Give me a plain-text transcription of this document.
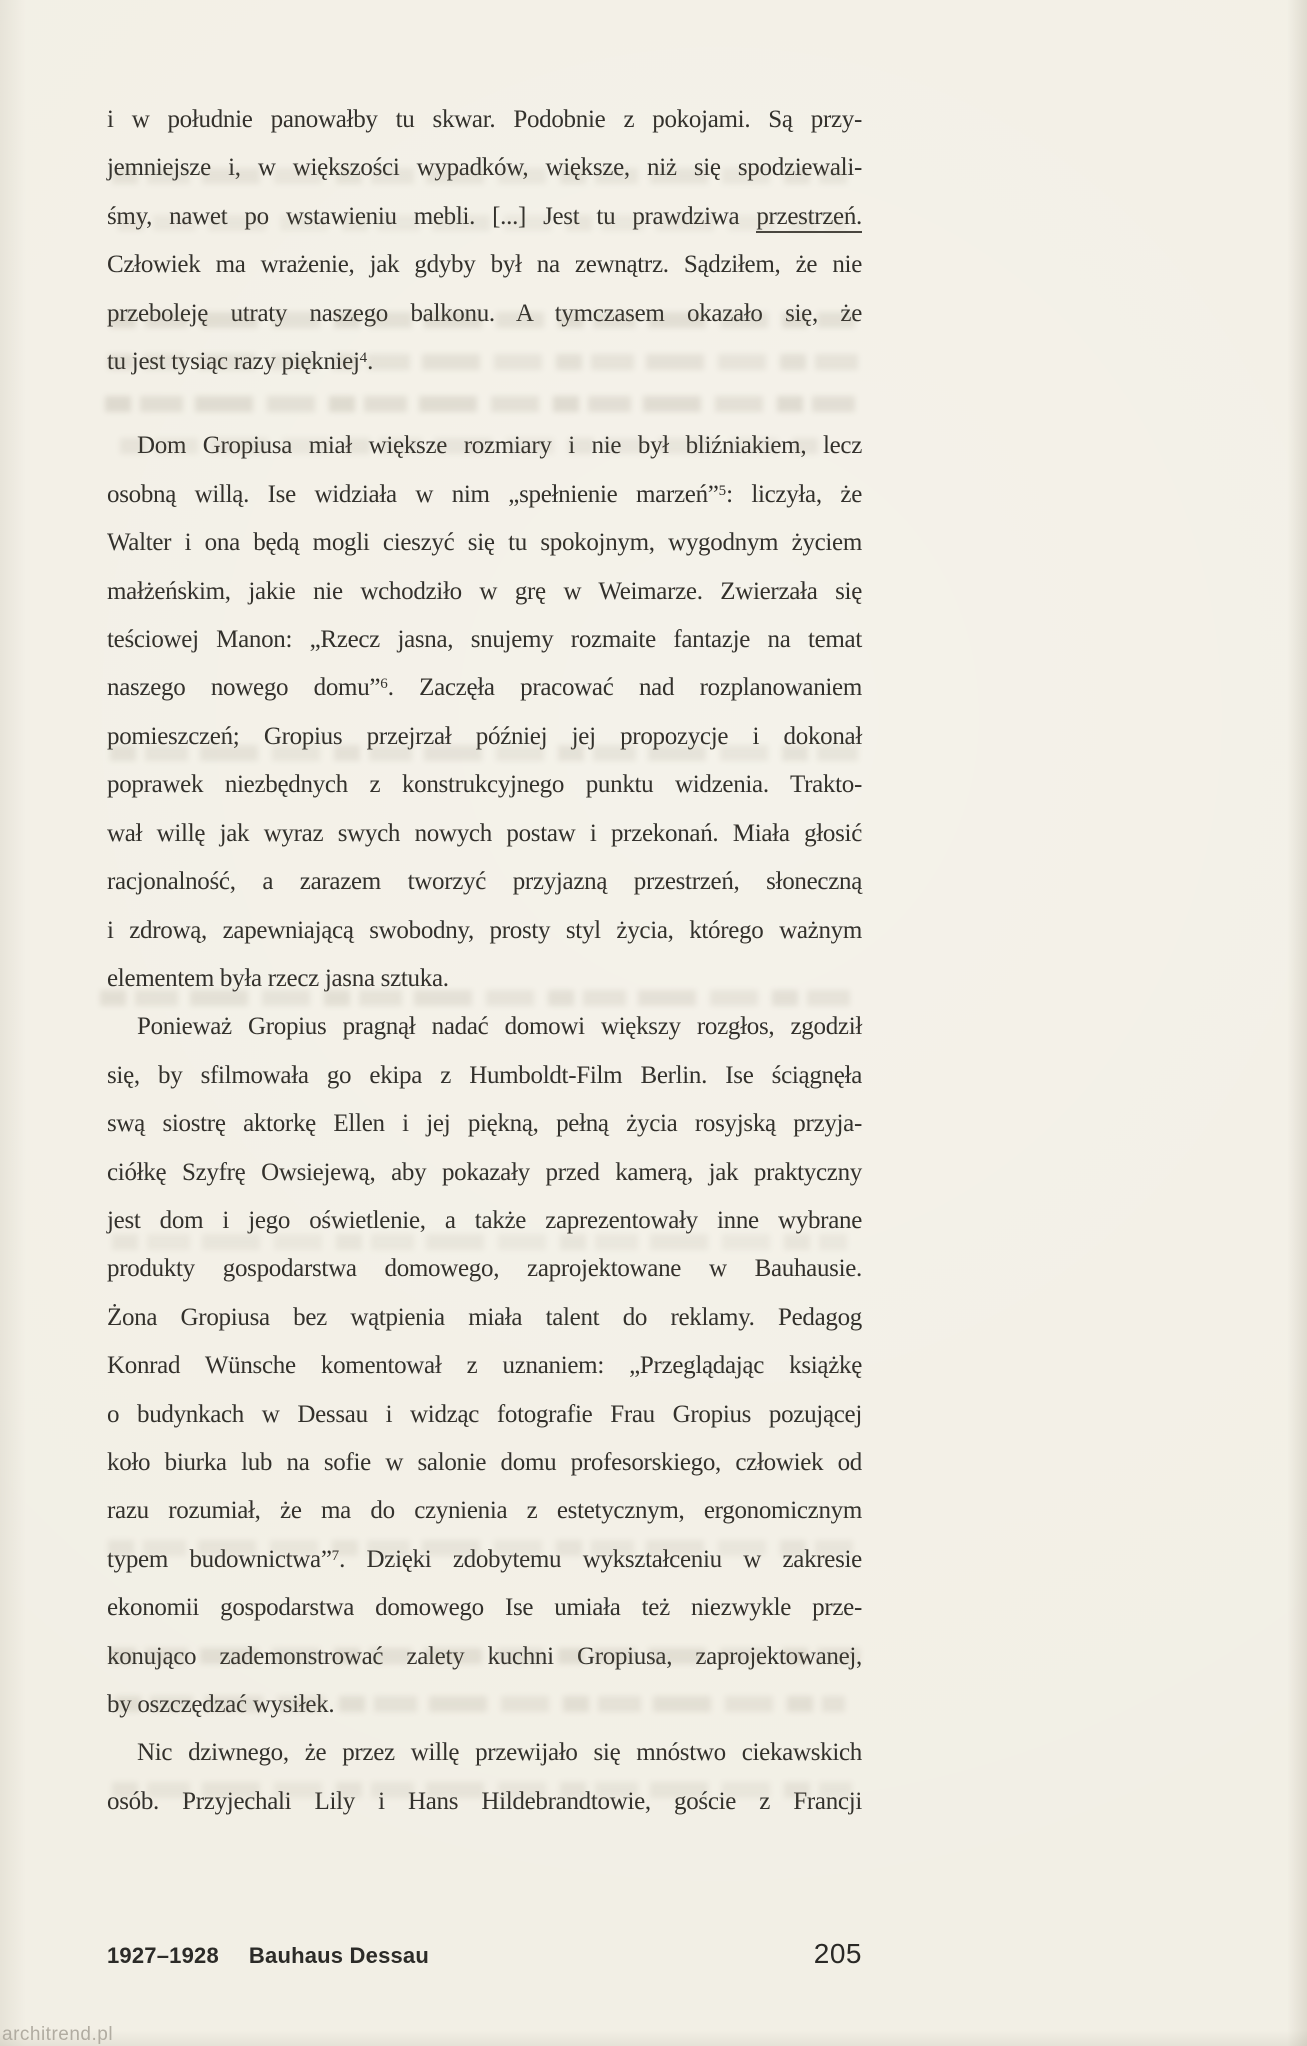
i w południe panowałby tu skwar. Podobnie z pokojami. Są przy-
jemniejsze i, w większości wypadków, większe, niż się spodziewali-
śmy, nawet po wstawieniu mebli. [...] Jest tu prawdziwa przestrzeń.
Człowiek ma wrażenie, jak gdyby był na zewnątrz. Sądziłem, że nie
przeboleję utraty naszego balkonu. A tymczasem okazało się, że
tu jest tysiąc razy piękniej$^4$.
Dom Gropiusa miał większe rozmiary i nie był bliźniakiem, lecz
osobną willą. Ise widziała w nim „spełnienie marzeń”$^5$: liczyła, że
Walter i ona będą mogli cieszyć się tu spokojnym, wygodnym życiem
małżeńskim, jakie nie wchodziło w grę w Weimarze. Zwierzała się
teściowej Manon: „Rzecz jasna, snujemy rozmaite fantazje na temat
naszego nowego domu”$^6$. Zaczęła pracować nad rozplanowaniem
pomieszczeń; Gropius przejrzał później jej propozycje i dokonał
poprawek niezbędnych z konstrukcyjnego punktu widzenia. Trakto-
wał willę jak wyraz swych nowych postaw i przekonań. Miała głosić
racjonalność, a zarazem tworzyć przyjazną przestrzeń, słoneczną
i zdrową, zapewniającą swobodny, prosty styl życia, którego ważnym
elementem była rzecz jasna sztuka.
Ponieważ Gropius pragnął nadać domowi większy rozgłos, zgodził
się, by sfilmowała go ekipa z Humboldt-Film Berlin. Ise ściągnęła
swą siostrę aktorkę Ellen i jej piękną, pełną życia rosyjską przyja-
ciółkę Szyfrę Owsiejewą, aby pokazały przed kamerą, jak praktyczny
jest dom i jego oświetlenie, a także zaprezentowały inne wybrane
produkty gospodarstwa domowego, zaprojektowane w Bauhausie.
Żona Gropiusa bez wątpienia miała talent do reklamy. Pedagog
Konrad Wünsche komentował z uznaniem: „Przeglądając książkę
o budynkach w Dessau i widząc fotografie Frau Gropius pozującej
koło biurka lub na sofie w salonie domu profesorskiego, człowiek od
razu rozumiał, że ma do czynienia z estetycznym, ergonomicznym
typem budownictwa”$^7$. Dzięki zdobytemu wykształceniu w zakresie
ekonomii gospodarstwa domowego Ise umiała też niezwykle prze-
konująco zademonstrować zalety kuchni Gropiusa, zaprojektowanej,
by oszczędzać wysiłek.
Nic dziwnego, że przez willę przewijało się mnóstwo ciekawskich
osób. Przyjechali Lily i Hans Hildebrandtowie, goście z Francji
1927–1928 Bauhaus Dessau	205
architrend.pl
